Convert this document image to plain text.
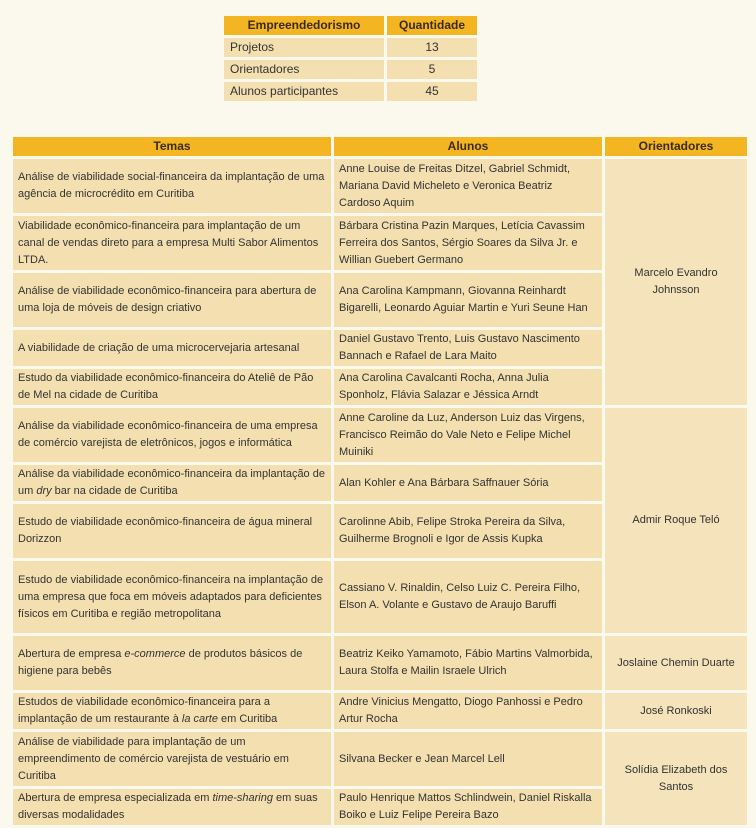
Empreendedorismo	Quantidade
Projetos	13
Orientadores	5
Alunos participantes	45
Temas	Alunos	Orientadores
Análise de viabilidade social-financeira da implantação de uma agência de microcrédito em Curitiba	Anne Louise de Freitas Ditzel, Gabriel Schmidt, Mariana David Micheleto e Veronica Beatriz Cardoso Aquim	Marcelo Evandro Johnsson
Viabilidade econômico-financeira para implantação de um canal de vendas direto para a empresa Multi Sabor Alimentos LTDA.	Bárbara Cristina Pazin Marques, Letícia Cavassim Ferreira dos Santos, Sérgio Soares da Silva Jr. e Willian Guebert Germano	
Análise de viabilidade econômico-financeira para abertura de uma loja de móveis de design criativo	Ana Carolina Kampmann, Giovanna Reinhardt Bigarelli, Leonardo Aguiar Martin e Yuri Seune Han	
A viabilidade de criação de uma microcervejaria artesanal	Daniel Gustavo Trento, Luis Gustavo Nascimento Bannach e Rafael de Lara Maito	
Estudo da viabilidade econômico-financeira do Ateliê de Pão de Mel na cidade de Curitiba	Ana Carolina Cavalcanti Rocha, Anna Julia Sponholz, Flávia Salazar e Jéssica Arndt	
Análise da viabilidade econômico-financeira de uma empresa de comércio varejista de eletrônicos, jogos e informática	Anne Caroline da Luz, Anderson Luiz das Virgens, Francisco Reimão do Vale Neto e Felipe Michel Muiniki	Admir Roque Teló
Análise da viabilidade econômico-financeira da implantação de um dry bar na cidade de Curitiba	Alan Kohler e Ana Bárbara Saffnauer Sória	
Estudo de viabilidade econômico-financeira de água mineral Dorizzon	Carolinne Abib, Felipe Stroka Pereira da Silva, Guilherme Brognoli e Igor de Assis Kupka	
Estudo de viabilidade econômico-financeira na implantação de uma empresa que foca em móveis adaptados para deficientes físicos em Curitiba e região metropolitana	Cassiano V. Rinaldin, Celso Luiz C. Pereira Filho, Elson A. Volante e Gustavo de Araujo Baruffi	
Abertura de empresa e-commerce de produtos básicos de higiene para bebês	Beatriz Keiko Yamamoto, Fábio Martins Valmorbida, Laura Stolfa e Mailin Israele Ulrich	Joslaine Chemin Duarte
Estudos de viabilidade econômico-financeira para a implantação de um restaurante à la carte em Curitiba	Andre Vinicius Mengatto, Diogo Panhossi e Pedro Artur Rocha	José Ronkoski
Análise de viabilidade para implantação de um empreendimento de comércio varejista de vestuário em Curitiba	Silvana Becker e Jean Marcel Lell	Solídia Elizabeth dos Santos
Abertura de empresa especializada em time-sharing em suas diversas modalidades	Paulo Henrique Mattos Schlindwein, Daniel Riskalla Boiko e Luiz Felipe Pereira Bazo	
